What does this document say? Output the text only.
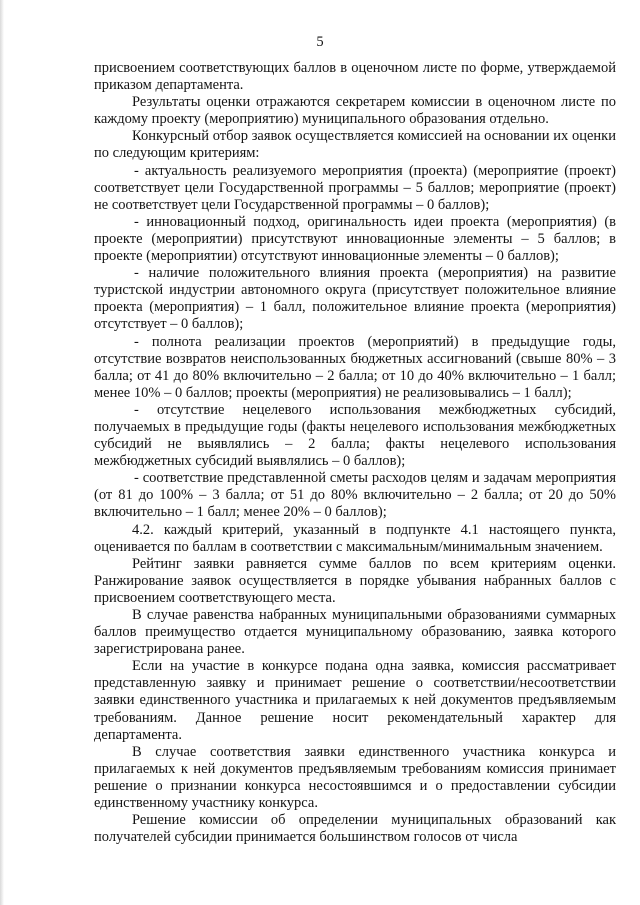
5

присвоением соответствующих баллов в оценочном листе по форме, утверждаемой приказом департамента.

Результаты оценки отражаются секретарем комиссии в оценочном листе по каждому проекту (мероприятию) муниципального образования отдельно.

Конкурсный отбор заявок осуществляется комиссией на основании их оценки по следующим критериям:

- актуальность реализуемого мероприятия (проекта) (мероприятие (проект) соответствует цели Государственной программы – 5 баллов; мероприятие (проект) не соответствует цели Государственной программы – 0 баллов);

- инновационный подход, оригинальность идеи проекта (мероприятия) (в проекте (мероприятии) присутствуют инновационные элементы – 5 баллов; в проекте (мероприятии) отсутствуют инновационные элементы – 0 баллов);

- наличие положительного влияния проекта (мероприятия) на развитие туристской индустрии автономного округа (присутствует положительное влияние проекта (мероприятия) – 1 балл, положительное влияние проекта (мероприятия) отсутствует – 0 баллов);

- полнота реализации проектов (мероприятий) в предыдущие годы, отсутствие возвратов неиспользованных бюджетных ассигнований (свыше 80% – 3 балла; от 41 до 80% включительно – 2 балла; от 10 до 40% включительно – 1 балл; менее 10% – 0 баллов; проекты (мероприятия) не реализовывались – 1 балл);

- отсутствие нецелевого использования межбюджетных субсидий, получаемых в предыдущие годы (факты нецелевого использования межбюджетных субсидий не выявлялись – 2 балла; факты нецелевого использования межбюджетных субсидий выявлялись – 0 баллов);

- соответствие представленной сметы расходов целям и задачам мероприятия (от 81 до 100% – 3 балла; от 51 до 80% включительно – 2 балла; от 20 до 50% включительно – 1 балл; менее 20% – 0 баллов);

4.2. каждый критерий, указанный в подпункте 4.1 настоящего пункта, оценивается по баллам в соответствии с максимальным/минимальным значением.

Рейтинг заявки равняется сумме баллов по всем критериям оценки. Ранжирование заявок осуществляется в порядке убывания набранных баллов с присвоением соответствующего места.

В случае равенства набранных муниципальными образованиями суммарных баллов преимущество отдается муниципальному образованию, заявка которого зарегистрирована ранее.

Если на участие в конкурсе подана одна заявка, комиссия рассматривает представленную заявку и принимает решение о соответствии/несоответствии заявки единственного участника и прилагаемых к ней документов предъявляемым требованиям. Данное решение носит рекомендательный характер для департамента.

В случае соответствия заявки единственного участника конкурса и прилагаемых к ней документов предъявляемым требованиям комиссия принимает решение о признании конкурса несостоявшимся и о предоставлении субсидии единственному участнику конкурса.

Решение комиссии об определении муниципальных образований как получателей субсидии принимается большинством голосов от числа
